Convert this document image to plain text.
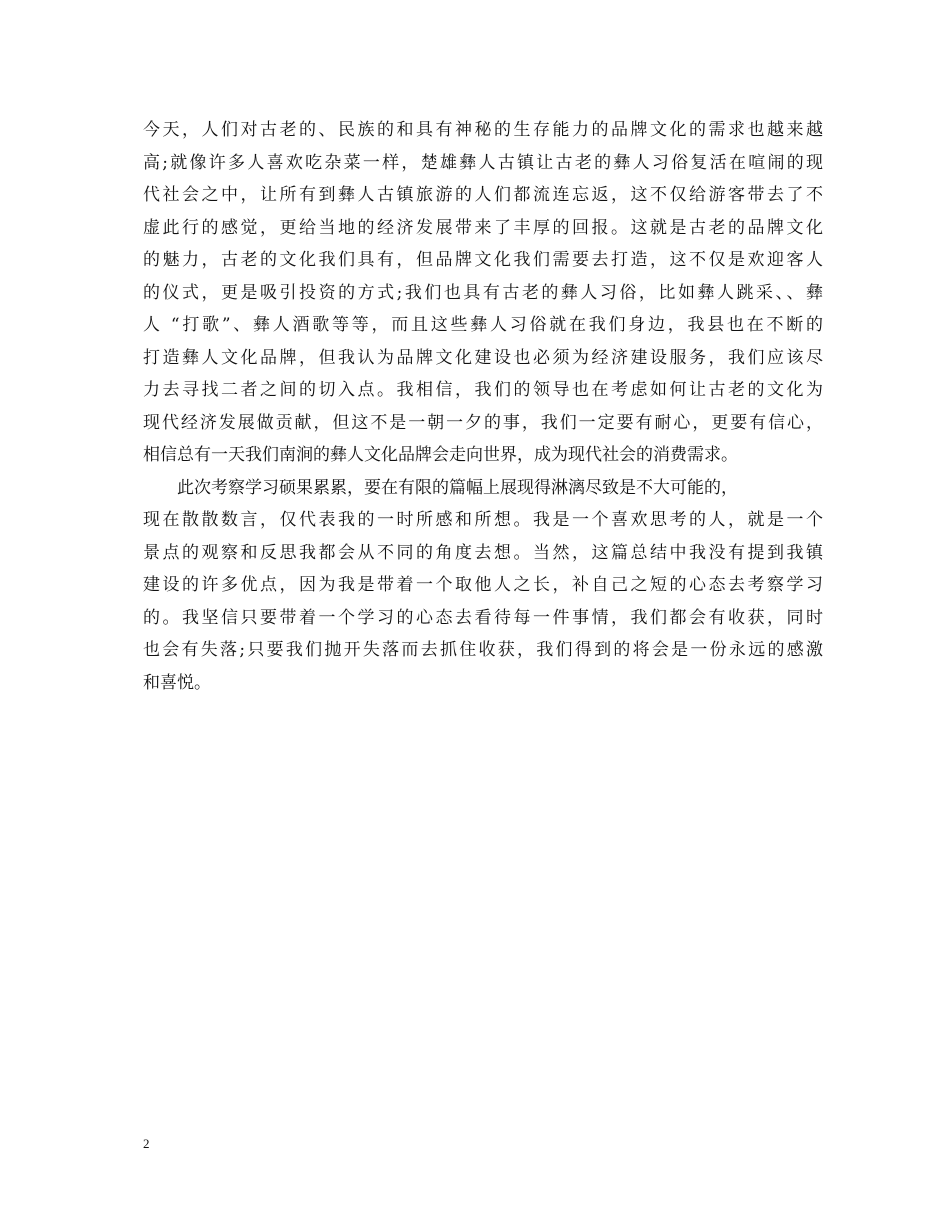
今天，人们对古老的、民族的和具有神秘的生存能力的品牌文化的需求也越来越
高;就像许多人喜欢吃杂菜一样，楚雄彝人古镇让古老的彝人习俗复活在喧闹的现
代社会之中，让所有到彝人古镇旅游的人们都流连忘返，这不仅给游客带去了不
虚此行的感觉，更给当地的经济发展带来了丰厚的回报。这就是古老的品牌文化
的魅力，古老的文化我们具有，但品牌文化我们需要去打造，这不仅是欢迎客人
的仪式，更是吸引投资的方式;我们也具有古老的彝人习俗，比如彝人跳采、、彝
人 “打歌”、彝人酒歌等等，而且这些彝人习俗就在我们身边，我县也在不断的
打造彝人文化品牌，但我认为品牌文化建设也必须为经济建设服务，我们应该尽
力去寻找二者之间的切入点。我相信，我们的领导也在考虑如何让古老的文化为
现代经济发展做贡献，但这不是一朝一夕的事，我们一定要有耐心，更要有信心，
相信总有一天我们南涧的彝人文化品牌会走向世界，成为现代社会的消费需求。
此次考察学习硕果累累，要在有限的篇幅上展现得淋漓尽致是不大可能的，
现在散散数言，仅代表我的一时所感和所想。我是一个喜欢思考的人，就是一个
景点的观察和反思我都会从不同的角度去想。当然，这篇总结中我没有提到我镇
建设的许多优点，因为我是带着一个取他人之长，补自己之短的心态去考察学习
的。我坚信只要带着一个学习的心态去看待每一件事情，我们都会有收获，同时
也会有失落;只要我们抛开失落而去抓住收获，我们得到的将会是一份永远的感激
和喜悦。
2
